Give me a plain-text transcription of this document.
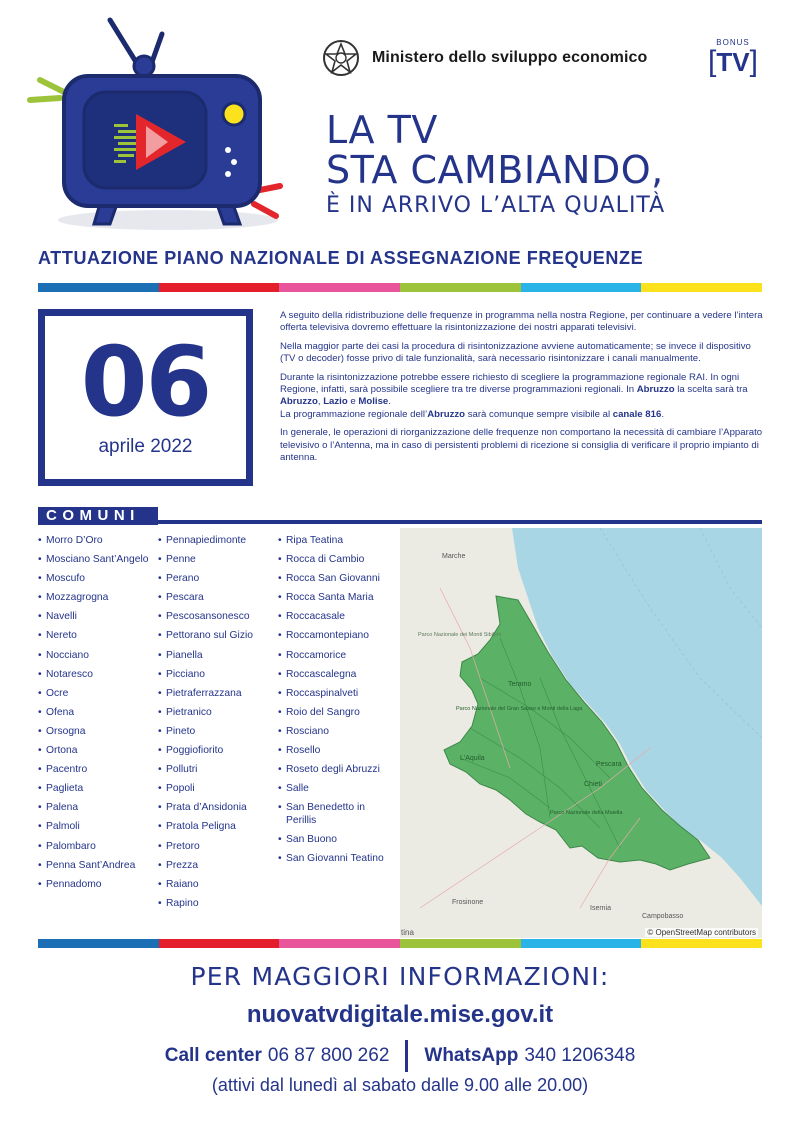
Ministero dello sviluppo economico
BONUS
[ TV ]
LA TV
STA CAMBIANDO,
È IN ARRIVO L’ALTA QUALITÀ
ATTUAZIONE PIANO NAZIONALE DI ASSEGNAZIONE FREQUENZE
06
aprile 2022

A seguito della ridistribuzione delle frequenze in programma nella nostra Regione, per continuare a vedere l’intera offerta televisiva dovremo effettuare la risintonizzazione dei nostri apparati televisivi.

Nella maggior parte dei casi la procedura di risintonizzazione avviene automaticamente; se invece il dispositivo (TV o decoder) fosse privo di tale funzionalità, sarà necessario risintonizzare i canali manualmente.

Durante la risintonizzazione potrebbe essere richiesto di scegliere la programmazione regionale RAI. In ogni Regione, infatti, sarà possibile scegliere tra tre diverse programmazioni regionali. In Abruzzo la scelta sarà tra Abruzzo, Lazio e Molise.
La programmazione regionale dell’Abruzzo sarà comunque sempre visibile al canale 816.

In generale, le operazioni di riorganizzazione delle frequenze non comportano la necessità di cambiare l’Apparato televisivo o l’Antenna, ma in caso di persistenti problemi di ricezione si consiglia di verificare il proprio impianto di antenna.

COMUNI
• Morro D’Oro
• Mosciano Sant’Angelo
• Moscufo
• Mozzagrogna
• Navelli
• Nereto
• Nocciano
• Notaresco
• Ocre
• Ofena
• Orsogna
• Ortona
• Pacentro
• Paglieta
• Palena
• Palmoli
• Palombaro
• Penna Sant’Andrea
• Pennadomo
• Pennapiedimonte
• Penne
• Perano
• Pescara
• Pescosansonesco
• Pettorano sul Gizio
• Pianella
• Picciano
• Pietraferrazzana
• Pietranico
• Pineto
• Poggiofiorito
• Pollutri
• Popoli
• Prata d’Ansidonia
• Pratola Peligna
• Pretoro
• Prezza
• Raiano
• Rapino
• Ripa Teatina
• Rocca di Cambio
• Rocca San Giovanni
• Rocca Santa Maria
• Roccacasale
• Roccamontepiano
• Roccamorice
• Roccascalegna
• Roccaspinalveti
• Roio del Sangro
• Rosciano
• Rosello
• Roseto degli Abruzzi
• Salle
• San Benedetto in Perillis
• San Buono
• San Giovanni Teatino
Marche
Parco Nazionale dei Monti Sibillini
Teramo
Parco Nazionale del Gran Sasso e Monti della Laga
L'Aquila
Pescara
Chieti
Parco Nazionale della Maiella
Frosinone
Isernia
Campobasso
tina	© OpenStreetMap contributors
PER MAGGIORI INFORMAZIONI:
nuovatvdigitale.mise.gov.it
Call center 06 87 800 262 WhatsApp 340 1206348
(attivi dal lunedì al sabato dalle 9.00 alle 20.00)
